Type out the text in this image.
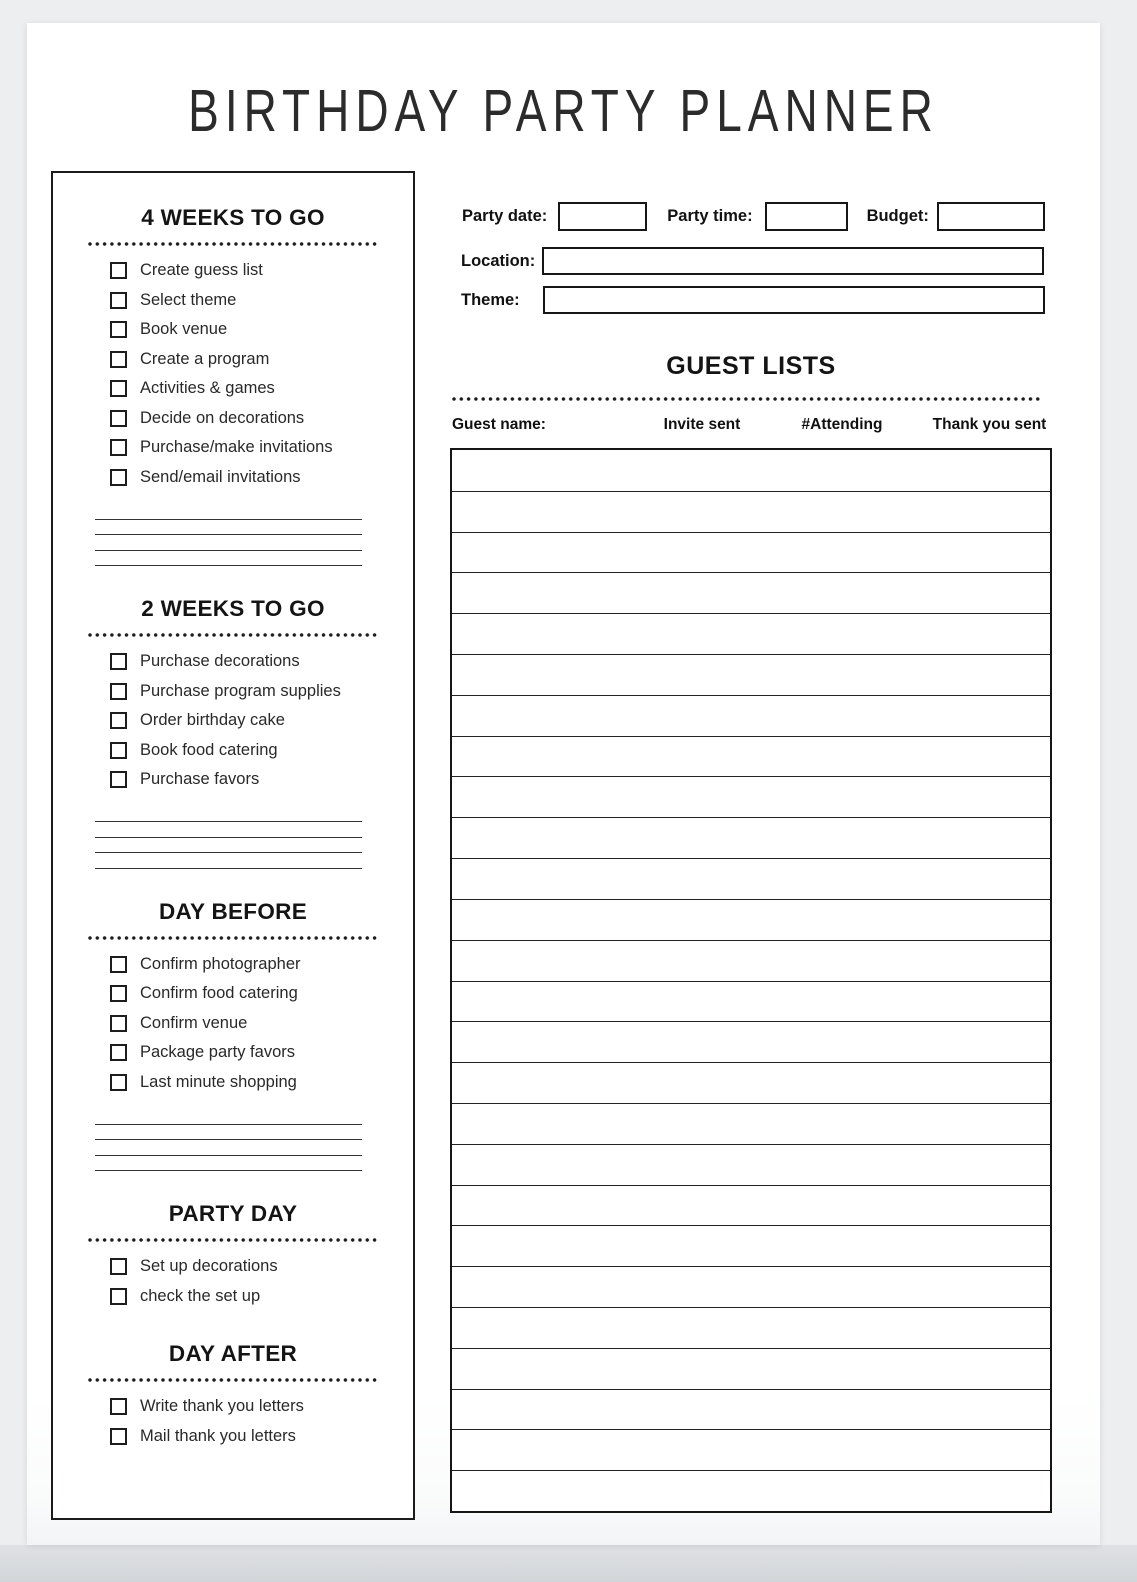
BIRTHDAY PARTY PLANNER
4 WEEKS TO GO
Create guess list
Select theme
Book venue
Create a program
Activities & games
Decide on decorations
Purchase/make invitations
Send/email invitations
2 WEEKS TO GO
Purchase decorations
Purchase program supplies
Order birthday cake
Book food catering
Purchase favors
DAY BEFORE
Confirm photographer
Confirm food catering
Confirm venue
Package party favors
Last minute shopping
PARTY DAY
Set up decorations
check the set up
DAY AFTER
Write thank you letters
Mail thank you letters
Party date:	Party time:	Budget:
Location:
Theme:
GUEST LISTS
Guest name:	Invite sent	#Attending	Thank you sent
